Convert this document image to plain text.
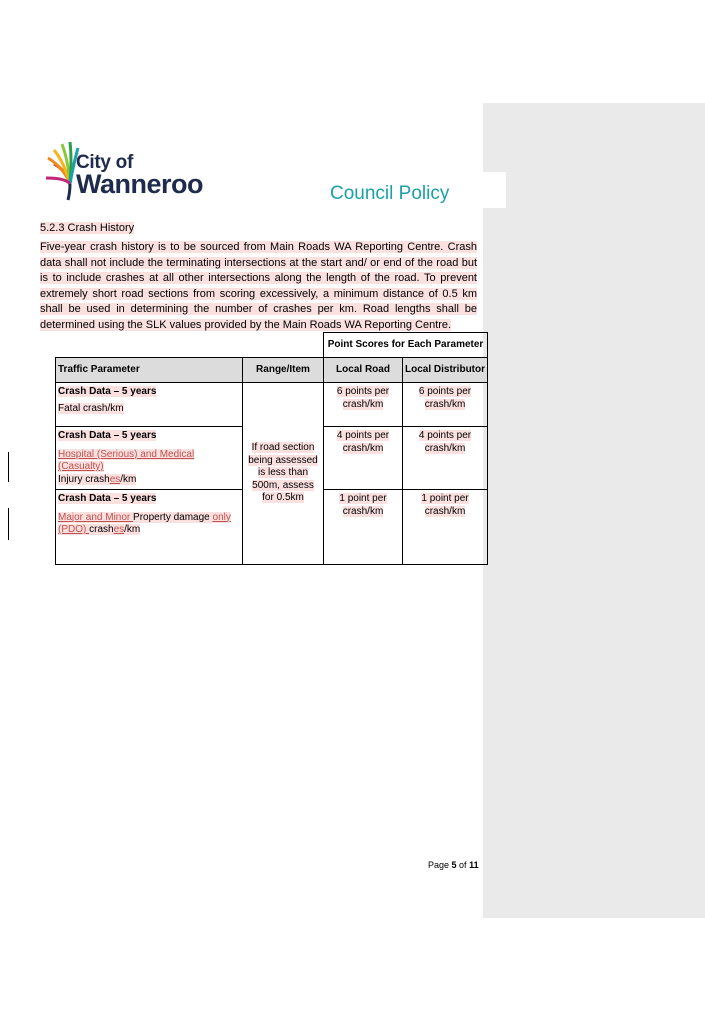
City of
Wanneroo	Council Policy
5.2.3 Crash History
Five-year crash history is to be sourced from Main Roads WA Reporting Centre. Crash data shall not include the terminating intersections at the start and/ or end of the road but is to include crashes at all other intersections along the length of the road. To prevent extremely short road sections from scoring excessively, a minimum distance of 0.5 km shall be used in determining the number of crashes per km. Road lengths shall be determined using the SLK values provided by the Main Roads WA Reporting Centre.
		Point Scores for Each Parameter	
Traffic Parameter	Range/Item	Local Road	Local Distributor

Crash Data – 5 years
Fatal crash/km	If road section being assessed is less than 500m, assess for 0.5km	6 points per crash/km	6 points per crash/km

Crash Data – 5 years
Hospital (Serious) and Medical (Casualty)
Injury crashes/km		4 points per crash/km	4 points per crash/km

Crash Data – 5 years
Major and Minor Property damage only (PDO) crashes/km		1 point per crash/km	1 point per crash/km
Page 5 of 11
